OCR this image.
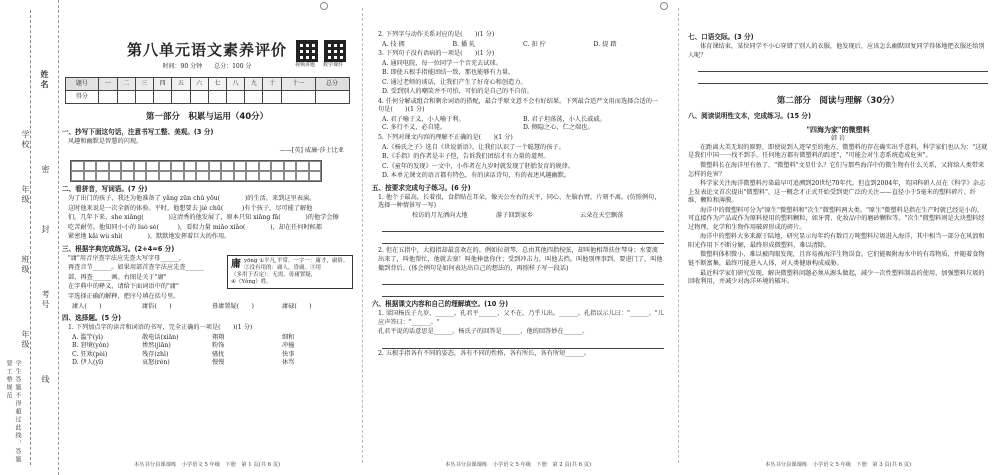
姓名
学校
密
年级
封
班级
考号
年级
线
学生答题不得超过此线，答题要工整规范
第八单元语文素养评价
视频讲题 数学课件
时间：90 分钟　　总分：100 分
题号	一	二	三	四	五	六	七	八	九	十	十一	总分
得分												
第一部分　积累与运用（40分）
一、抄写下面这句话，注意书写工整、美观。(3 分)
风趣和幽默是智慧的闪现。
——[英] 威廉·莎士比亚
二、看拼音，写词语。(7 分)
为了出门的孩子，我还为他准备了 yǎng zūn chǔ yōu(　　　　)的生活，来到这里表演。
这时他来说是一次全新的体验。平时，他想要去 jiè chū(　　　)有个孩子，尽可能了解他
们。几年下来，she xiǎng(　　　　)这清秀的他发展了，原本只知 xiāng fǎ(　　　　)的他学会擦
吃苦耐劳。他知同小小的 luò sè(　　　)，看似力量 miǎo xiǎo(　　　　)，却在任何时候都
紧密地 kǎi wù shì(　　　　)，默默地发挥着巨大的作用。
三、根据字典完成练习。(2+4=6 分)
"庸"用音序查字法应先查大写字母______，
再查音节______。如果用部首查字法应先查______
部，再查______画。右图是关于"庸"
在字典中的释义，请给下面词语中的"庸"
字选择正确的解释，把序号填在括号里。
庸 yōng ①平凡,平常。一字一：庸才，庸俗。
②没有用的：庸人，昏庸。③用
（多用于否定）：无需，毋庸置疑，
④（Yǒng）姓。
庸人(　　)	庸俗(　　)	毋庸置疑(　　)	庸碌(　　)
四、选择题。(5 分)
1. 下列加点字的读音和词语的书写，完全正确的一项是(　　)(1 分)
A. 滥竽(yì)	散电话(xiān)	翔翔	细和
B. 窘境(yǒn)	惨然(jiān)	粉饰	冲撞
C. 狂欢(pèi)	残存(zhì)	骚扰	快事
D. 伊人(yī)	哀怒(rén)	慢慢	休骂
本丛书分县课课练　小学语文 5 年级　下册　第 1 页(共 6 页)
2. 下列字与动作关系对应的是(　　)(1 分)
A. 技 拥	B. 播 轧	C. 扣 拧	D. 提 踏
3. 下列句子没有语病的一项是(　　)(1 分)
A. 通同电院，每一位同学一个音充去试球。
B. 即使五根手指能团结一致，那也能够有力量。
C. 通过老师的谈话，让我们产生了好奇心和创造力。
D. 受到别人的嘲笑并不可怕，可怕的是自己的不自信。
4. 任何分解或组合和剩余词语的搭配，最合乎原文意不会有好结果。下列最合适严文用而选择合适的一句是(　　)(1 分)
A. 君子喻于义，小人喻于利。	B. 君子坦荡荡，小人长戚戚。
C. 多行不义，必自毙。	D. 侧隐之心，仁之端也。
5. 下列对课文内容的理解不正确的是(　　)(1 分)
A.《杨氏之子》选自《世说新语》，让我们认识了一个聪慧的孩子。
B.《手指》的作者是丰子恺，告诉我们团结才有力量的道理。
C.《童年的发现》一文中，小作者在九岁时就发现了胚胎发育的规律。
D. 本单元课文的语言都有特色，有的读话诗句，有的表述风趣幽默。
五、按要求完成句子练习。(6 分)
1. 他个子最高，长着很，食指贴在耳朵，像天公左右的天平，同心，左脑右臂，片刻不离。(仿照例句，选择一种情景写一写)
校访的月光洒向大地	游子回到家乡	云朵在天空飘荡
2. 但在五指中，大拇指却最喜欢在的。例如拉胡琴，总由其他四指按弦，却叫他相帮扶住琴身；水要流出来了，叫他帮忙，他就去塞！叫他捧盘你住；受到冲击力，叫他去挡。叫他别理事到，要进门了，叫他撤到背后。(体会例句是如何表达出自己的想法的，再照样子写一段话)
六、根据课文内容和自己的理解填空。(10 分)
1. 梁国杨氏子九岁，______。孔君平______，父不在，乃乎儿出。______。孔指以示儿曰："______。"儿应声答曰："______。"
孔君平说的话意思是______。杨氏子的回答是______，他的回答妙在______。
2. 五根手指各有不同的姿态，各有不同的性格，各有所长，各有所短______。
本丛书分县课课练　小学语文 5 年级　下册　第 2 页(共 6 页)
七、口语交际。(3 分)
体育课结束，某位同学不小心穿错了别人的衣服，他发现后，应该怎么幽默回复同学得体地把衣服还给别人呢？
第二部分　阅读与理解（30分）
八、阅读说明性文本，完成练习。(15 分)
"四海为家"的微塑料
韩 岩
在距离大美无垠的原野，即使说到人迹罕至的地方，微塑料的存在确实出乎意料，科学家们也认为："这就是我们中国一一找不到手，任何地方都有微塑料的踪迹"，"可能会对生态系统造成危害"。
微塑料长在海洋里有鱼了，"微塑料"文星什么？它们与那些海洋中的微生物有什么关系，又将给人类带来怎样的危害？
科学家关注海洋微塑料污染最早可追溯到20世纪70年代。但直到2004年，英国科研人员在《科学》杂志上发表论文首次提出"微塑料"，这一概念才正式开始受到更广泛的关注——直径小于5毫米的塑料碎片、纤维、颗粒和薄膜。
海洋中的微塑料可分为"原生"微塑料和"次生"微塑料两大类。"原生"微塑料是指在生产时就已经是小的，可直接作为产品或作为原料使用的塑料颗粒，如牙膏、化妆品中的磨砂颗粒等。"次生"微塑料则是大块塑料经过物理、化学和生物作用破碎形成的碎片。
海洋中的塑料大多来源于陆地，研究显示每年约有数百万吨塑料垃圾进入海洋，其中相当一部分在风浪和阳光作用下不断分解，最终形成微塑料，难以清除。
微塑料体积微小，难以被肉眼发现，且容易被海洋生物误食。它们能吸附海水中的有毒物质，并随着食物链不断富集，最终可能进入人体，对人类健康构成威胁。
最近科学家们研究发现，解决微塑料问题必须从源头做起，减少一次性塑料制品的使用，加强塑料垃圾的回收利用，并减少对海洋环境的破坏。
本丛书分县课课练　小学语文 5 年级　下册　第 3 页(共 6 页)
